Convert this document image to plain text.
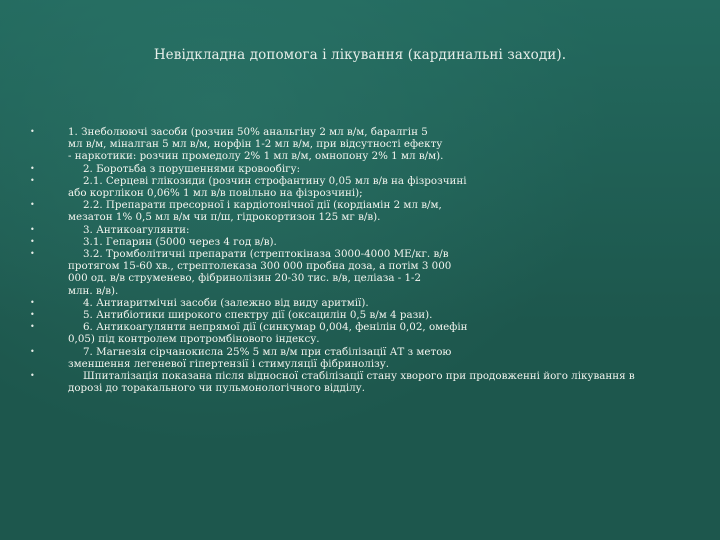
Невідкладна допомога і лікування (кардинальні заходи).
•	1. Знеболюючі засоби (розчин 50% анальгіну 2 мл в/м, баралгін 5
мл в/м, міналган 5 мл в/м, норфін 1-2 мл в/м, при відсутності ефекту
- наркотики: розчин промедолу 2% 1 мл в/м, омнопону 2% 1 мл в/м).
•	2. Боротьба з порушеннями кровообігу:
•	2.1. Серцеві глікозиди (розчин строфантину 0,05 мл в/в на фізрозчині
або корглікон 0,06% 1 мл в/в повільно на фізрозчині);
•	2.2. Препарати пресорної і кардіотонічної дії (кордіамін 2 мл в/м,
мезатон 1% 0,5 мл в/м чи п/ш, гідрокортизон 125 мг в/в).
•	3. Антикоагулянти:
•	3.1. Гепарин (5000 через 4 год в/в).
•	3.2. Тромболітичні препарати (стрептокіназа 3000-4000 МЕ/кг. в/в
протягом 15-60 хв., стрептолеказа 300 000 пробна доза, а потім 3 000
000 од. в/в струменево, фібринолізин 20-30 тис. в/в, целіаза - 1-2
млн. в/в).
•	4. Антиаритмічні засоби (залежно від виду аритмії).
•	5. Антибіотики широкого спектру дії (оксацилін 0,5 в/м 4 рази).
•	6. Антикоагулянти непрямої дії (синкумар 0,004, фенілін 0,02, омефін
0,05) під контролем протромбінового індексу.
•	7. Магнезія сірчанокисла 25% 5 мл в/м при стабілізації АТ з метою
зменшення легеневої гіпертензії і стимуляції фібринолізу.
•	Шпиталізація показана після відносної стабілізації стану хворого при продовженні його лікування в
дорозі до торакального чи пульмонологічного відділу.
